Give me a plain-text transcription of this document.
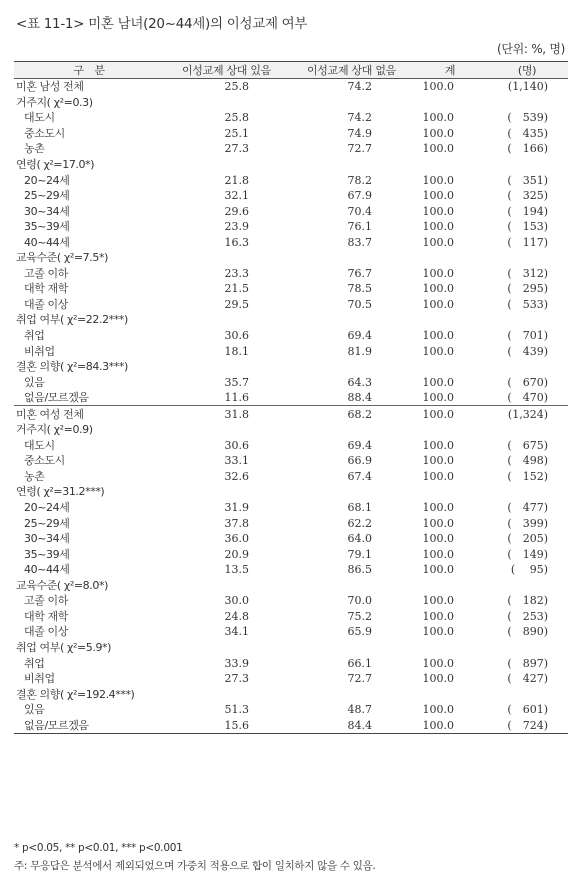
<표 11-1> 미혼 남녀(20~44세)의 이성교제 여부
(단위: %, 명)
구　분	이성교제 상대 있음	이성교제 상대 없음	계	(명)
미혼 남성 전체	25.8	74.2	100.0	(1,140)
거주지( χ²=0.3)				
대도시	25.8	74.2	100.0	(　539)
중소도시	25.1	74.9	100.0	(　435)
농촌	27.3	72.7	100.0	(　166)
연령( χ²=17.0*)				
20~24세	21.8	78.2	100.0	(　351)
25~29세	32.1	67.9	100.0	(　325)
30~34세	29.6	70.4	100.0	(　194)
35~39세	23.9	76.1	100.0	(　153)
40~44세	16.3	83.7	100.0	(　117)
교육수준( χ²=7.5*)				
고졸 이하	23.3	76.7	100.0	(　312)
대학 재학	21.5	78.5	100.0	(　295)
대졸 이상	29.5	70.5	100.0	(　533)
취업 여부( χ²=22.2***)				
취업	30.6	69.4	100.0	(　701)
비취업	18.1	81.9	100.0	(　439)
결혼 의향( χ²=84.3***)				
있음	35.7	64.3	100.0	(　670)
없음/모르겠음	11.6	88.4	100.0	(　470)
미혼 여성 전체	31.8	68.2	100.0	(1,324)
거주지( χ²=0.9)				
대도시	30.6	69.4	100.0	(　675)
중소도시	33.1	66.9	100.0	(　498)
농촌	32.6	67.4	100.0	(　152)
연령( χ²=31.2***)				
20~24세	31.9	68.1	100.0	(　477)
25~29세	37.8	62.2	100.0	(　399)
30~34세	36.0	64.0	100.0	(　205)
35~39세	20.9	79.1	100.0	(　149)
40~44세	13.5	86.5	100.0	(　 95)
교육수준( χ²=8.0*)				
고졸 이하	30.0	70.0	100.0	(　182)
대학 재학	24.8	75.2	100.0	(　253)
대졸 이상	34.1	65.9	100.0	(　890)
취업 여부( χ²=5.9*)				
취업	33.9	66.1	100.0	(　897)
비취업	27.3	72.7	100.0	(　427)
결혼 의향( χ²=192.4***)				
있음	51.3	48.7	100.0	(　601)
없음/모르겠음	15.6	84.4	100.0	(　724)
* p<0.05, ** p<0.01, *** p<0.001
주: 무응답은 분석에서 제외되었으며 가중치 적용으로 합이 일치하지 않을 수 있음.
